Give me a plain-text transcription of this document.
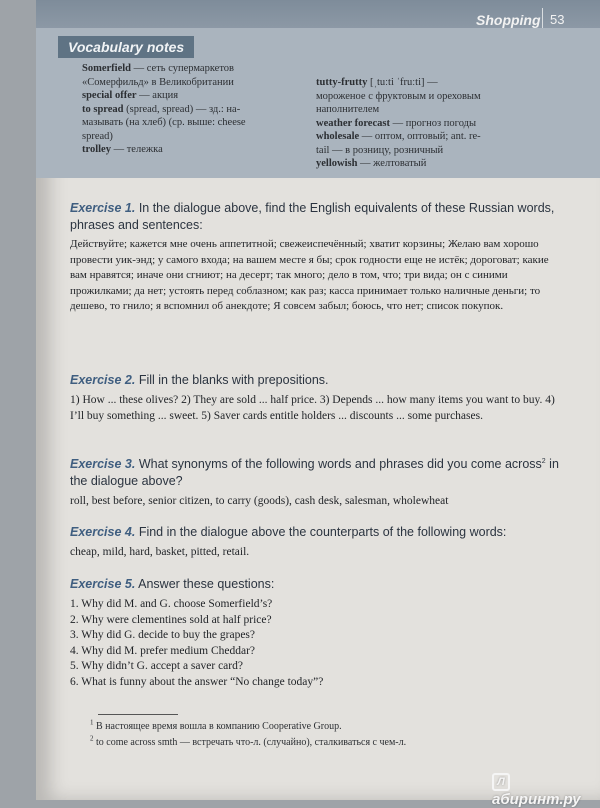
Shopping 53
Vocabulary notes
Somerfield — сеть супермаркетов
«Сомерфильд» в Великобритании
special offer — акция
to spread (spread, spread) — зд.: на-
мазывать (на хлеб) (ср. выше: cheese
spread)
trolley — тележка
tutty-frutty [ˌtuːti ˈfruːti] —
мороженое с фруктовым и ореховым
наполнителем
weather forecast — прогноз погоды
wholesale — оптом, оптовый; ant. re-
tail — в розницу, розничный
yellowish — желтоватый
Exercise 1. In the dialogue above, find the English equivalents of these Russian words, phrases and sentences:
Действуйте; кажется мне очень аппетитной; свежеиспечённый; хватит корзины; Желаю вам хорошо провести уик-энд; у самого входа; на вашем месте я бы; срок годности еще не истёк; дороговат; какие вам нравятся; иначе они сгниют; на десерт; так много; дело в том, что; три вида; он с синими прожилками; да нет; устоять перед соблазном; как раз; касса принимает только наличные деньги; то дешево, то гнило; я вспомнил об анекдоте; Я совсем забыл; боюсь, что нет; список покупок.
Exercise 2. Fill in the blanks with prepositions.
1) How ... these olives? 2) They are sold ... half price. 3) Depends ... how many items you want to buy. 4) I’ll buy something ... sweet. 5) Saver cards entitle holders ... discounts ... some purchases.
Exercise 3. What synonyms of the following words and phrases did you come across$^2$ in the dialogue above?
roll, best before, senior citizen, to carry (goods), cash desk, salesman, wholewheat
Exercise 4. Find in the dialogue above the counterparts of the following words:
cheap, mild, hard, basket, pitted, retail.
Exercise 5. Answer these questions:
1. Why did M. and G. choose Somerfield’s?
2. Why were clementines sold at half price?
3. Why did G. decide to buy the grapes?
4. Why did M. prefer medium Cheddar?
5. Why didn’t G. accept a saver card?
6. What is funny about the answer “No change today”?
$^1$ В настоящее время вошла в компанию Cooperative Group.
$^2$ to come across smth — встречать что-л. (случайно), сталкиваться с чем-л.
Лабиринт.ру
